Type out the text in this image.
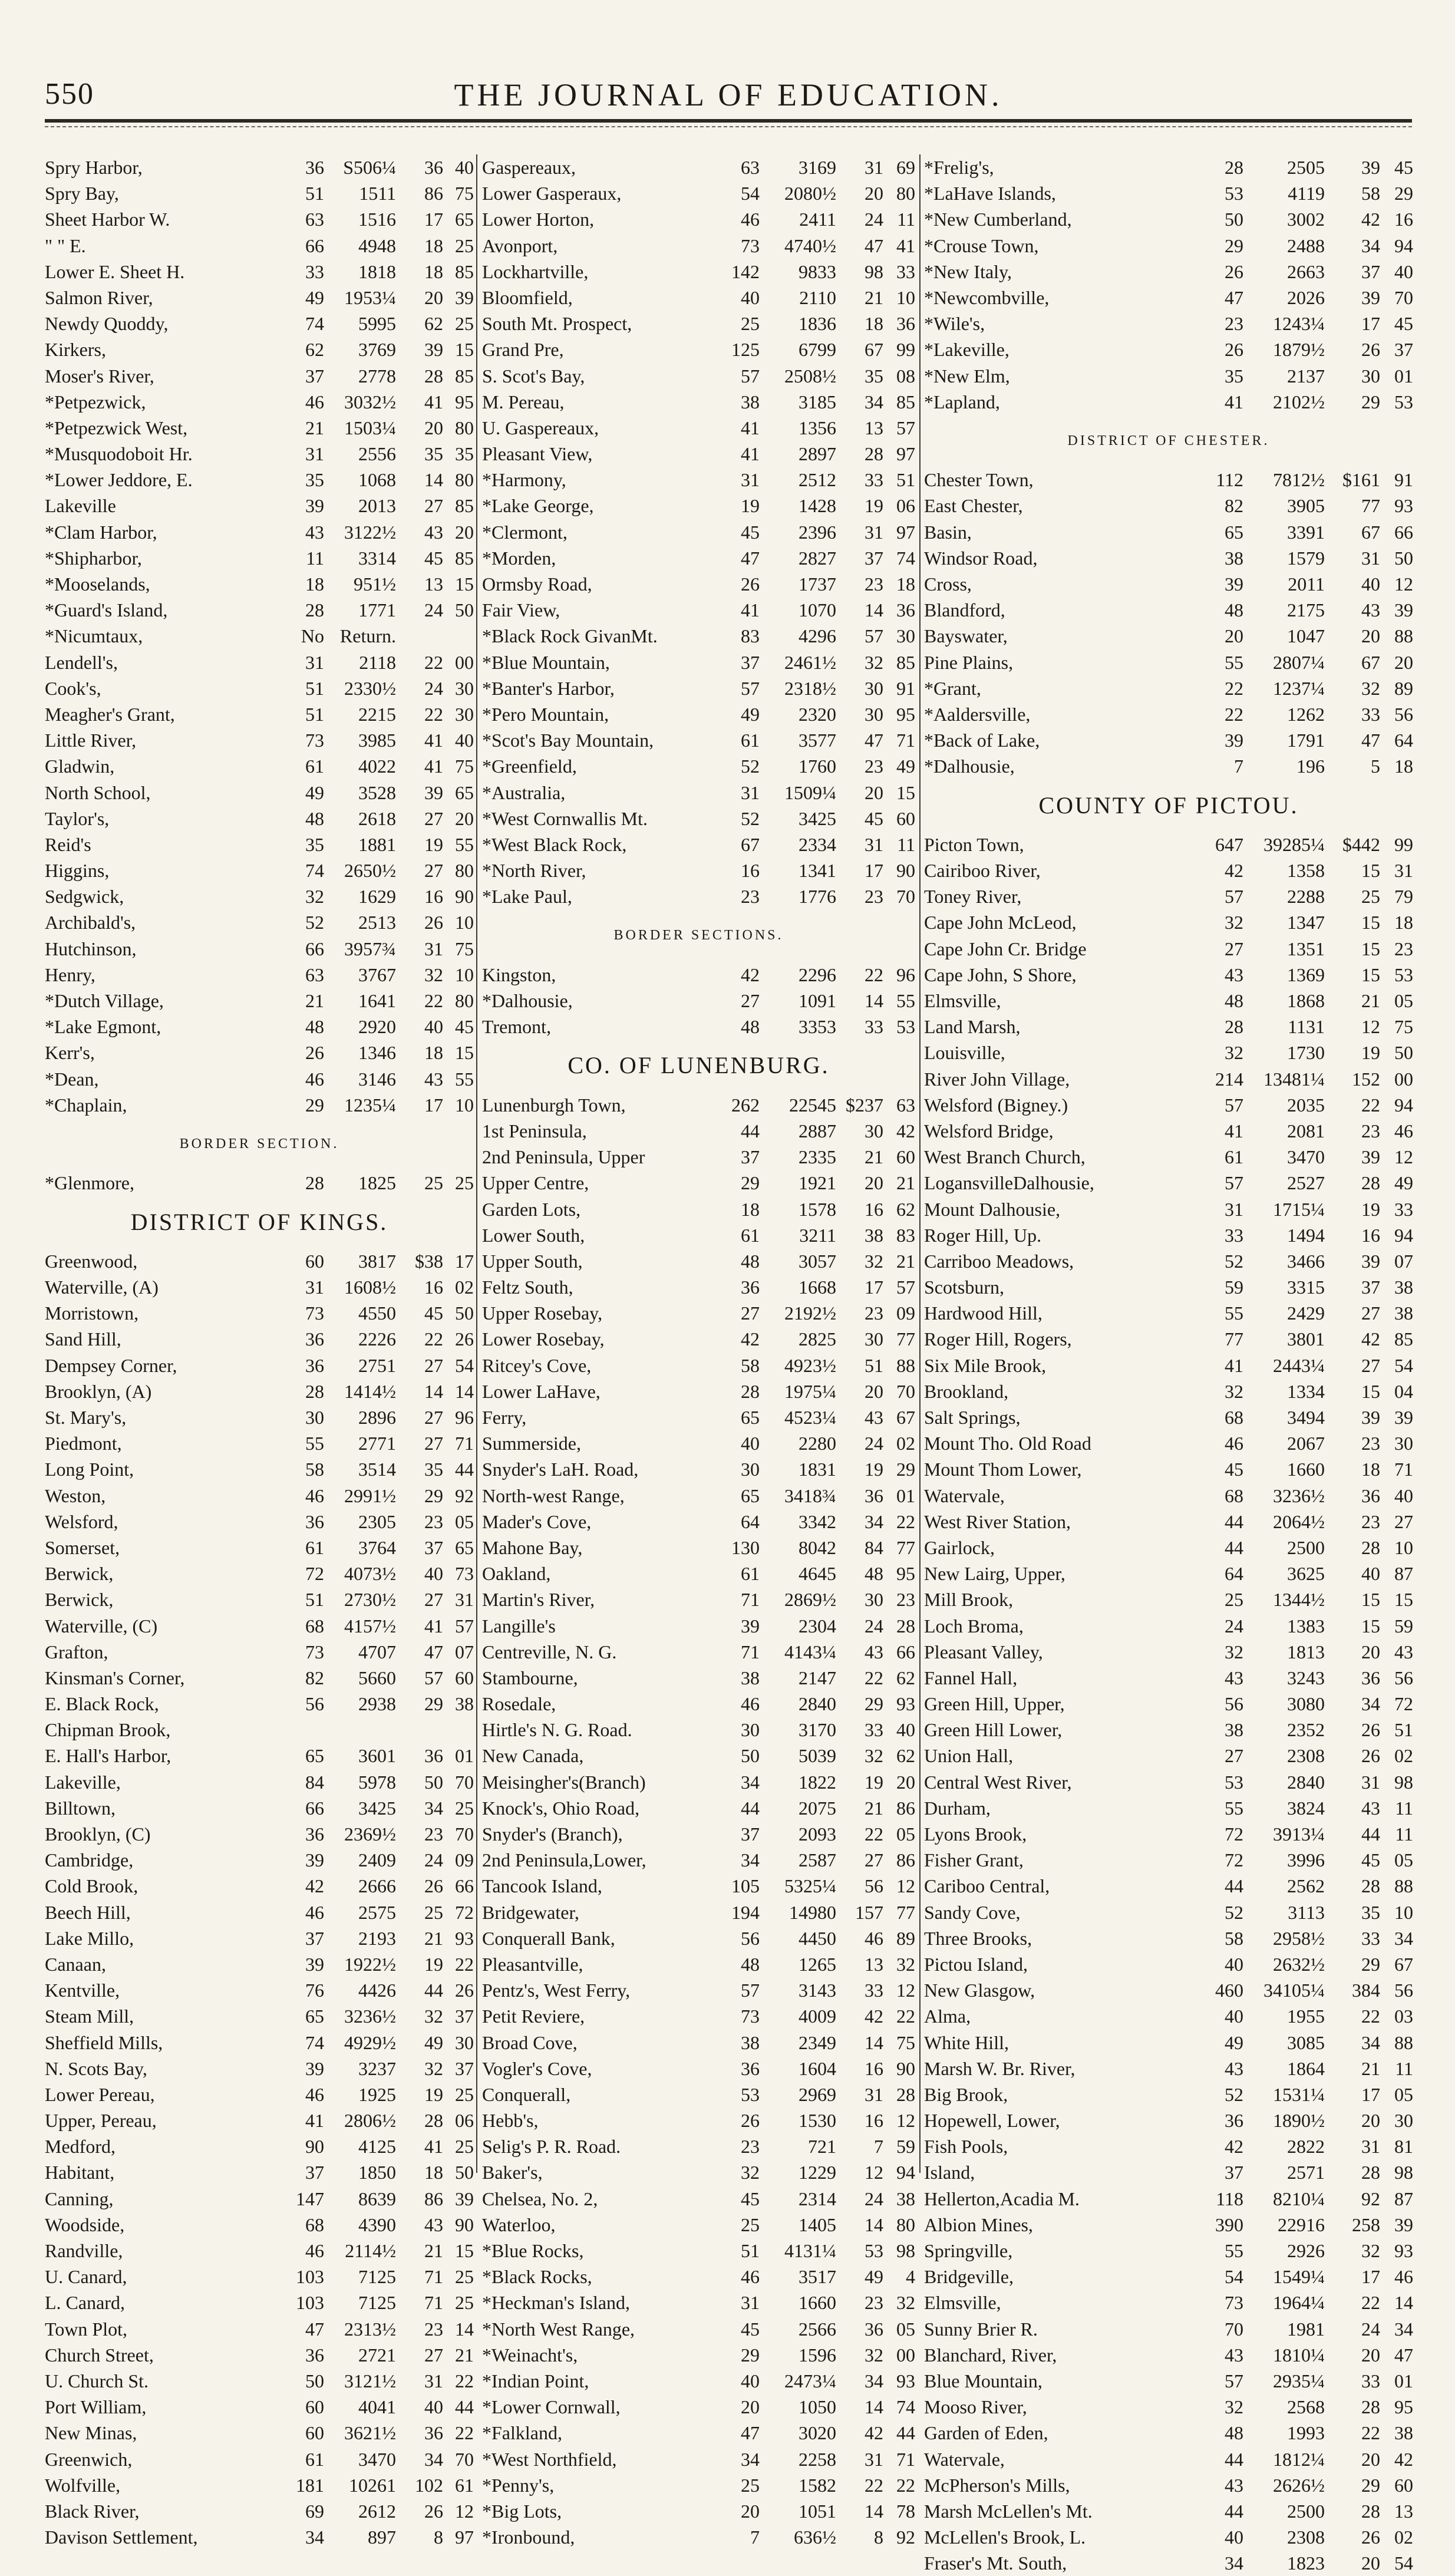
550	THE JOURNAL OF EDUCATION.
Spry Harbor,	36	S506¼	36 40
Spry Bay,	51	1511	86 75
Sheet Harbor W.	63	1516	17 65
" " E.	66	4948	18 25
Lower E. Sheet H.	33	1818	18 85
Salmon River,	49	1953¼	20 39
Newdy Quoddy,	74	5995	62 25
Kirkers,	62	3769	39 15
Moser's River,	37	2778	28 85
*Petpezwick,	46	3032½	41 95
*Petpezwick West,	21	1503¼	20 80
*Musquodoboit Hr.	31	2556	35 35
*Lower Jeddore, E.	35	1068	14 80
Lakeville	39	2013	27 85
*Clam Harbor,	43	3122½	43 20
*Shipharbor,	11	3314	45 85
*Mooselands,	18	951½	13 15
*Guard's Island,	28	1771	24 50
*Nicumtaux,	No Return.
Lendell's,	31	2118	22 00
Cook's,	51	2330½	24 30
Meagher's Grant,	51	2215	22 30
Little River,	73	3985	41 40
Gladwin,	61	4022	41 75
North School,	49	3528	39 65
Taylor's,	48	2618	27 20
Reid's	35	1881	19 55
Higgins,	74	2650½	27 80
Sedgwick,	32	1629	16 90
Archibald's,	52	2513	26 10
Hutchinson,	66	3957¾	31 75
Henry,	63	3767	32 10
*Dutch Village,	21	1641	22 80
*Lake Egmont,	48	2920	40 45
Kerr's,	26	1346	18 15
*Dean,	46	3146	43 55
*Chaplain,	29	1235¼	17 10
BORDER SECTION.
*Glenmore,	28	1825	25 25
DISTRICT OF KINGS.
Greenwood,	60	3817	$38 17
Waterville, (A)	31	1608½	16 02
Morristown,	73	4550	45 50
Sand Hill,	36	2226	22 26
Dempsey Corner,	36	2751	27 54
Brooklyn, (A)	28	1414½	14 14
St. Mary's,	30	2896	27 96
Piedmont,	55	2771	27 71
Long Point,	58	3514	35 44
Weston,	46	2991½	29 92
Welsford,	36	2305	23 05
Somerset,	61	3764	37 65
Berwick,	72	4073½	40 73
Berwick,	51	2730½	27 31
Waterville, (C)	68	4157½	41 57
Grafton,	73	4707	47 07
Kinsman's Corner,	82	5660	57 60
E. Black Rock,	56	2938	29 38
Chipman Brook,
E. Hall's Harbor,	65	3601	36 01
Lakeville,	84	5978	50 70
Billtown,	66	3425	34 25
Brooklyn, (C)	36	2369½	23 70
Cambridge,	39	2409	24 09
Cold Brook,	42	2666	26 66
Beech Hill,	46	2575	25 72
Lake Millo,	37	2193	21 93
Canaan,	39	1922½	19 22
Kentville,	76	4426	44 26
Steam Mill,	65	3236½	32 37
Sheffield Mills,	74	4929½	49 30
N. Scots Bay,	39	3237	32 37
Lower Pereau,	46	1925	19 25
Upper, Pereau,	41	2806½	28 06
Medford,	90	4125	41 25
Habitant,	37	1850	18 50
Canning,	147	8639	86 39
Woodside,	68	4390	43 90
Randville,	46	2114½	21 15
U. Canard,	103	7125	71 25
L. Canard,	103	7125	71 25
Town Plot,	47	2313½	23 14
Church Street,	36	2721	27 21
U. Church St.	50	3121½	31 22
Port William,	60	4041	40 44
New Minas,	60	3621½	36 22
Greenwich,	61	3470	34 70
Wolfville,	181	10261	102 61
Black River,	69	2612	26 12
Davison Settlement,	34	897	8 97
Gaspereaux,	63	3169	31 69
Lower Gasperaux,	54	2080½	20 80
Lower Horton,	46	2411	24 11
Avonport,	73	4740½	47 41
Lockhartville,	142	9833	98 33
Bloomfield,	40	2110	21 10
South Mt. Prospect,	25	1836	18 36
Grand Pre,	125	6799	67 99
S. Scot's Bay,	57	2508½	35 08
M. Pereau,	38	3185	34 85
U. Gaspereaux,	41	1356	13 57
Pleasant View,	41	2897	28 97
*Harmony,	31	2512	33 51
*Lake George,	19	1428	19 06
*Clermont,	45	2396	31 97
*Morden,	47	2827	37 74
Ormsby Road,	26	1737	23 18
Fair View,	41	1070	14 36
*Black Rock GivanMt.	83	4296	57 30
*Blue Mountain,	37	2461½	32 85
*Banter's Harbor,	57	2318½	30 91
*Pero Mountain,	49	2320	30 95
*Scot's Bay Mountain,	61	3577	47 71
*Greenfield,	52	1760	23 49
*Australia,	31	1509¼	20 15
*West Cornwallis Mt.	52	3425	45 60
*West Black Rock,	67	2334	31 11
*North River,	16	1341	17 90
*Lake Paul,	23	1776	23 70
BORDER SECTIONS.
Kingston,	42	2296	22 96
*Dalhousie,	27	1091	14 55
Tremont,	48	3353	33 53
CO. OF LUNENBURG.
Lunenburgh Town,	262	22545 $237 63
1st Peninsula,	44	2887	30 42
2nd Peninsula, Upper	37	2335	21 60
Upper Centre,	29	1921	20 21
Garden Lots,	18	1578	16 62
Lower South,	61	3211	38 83
Upper South,	48	3057	32 21
Feltz South,	36	1668	17 57
Upper Rosebay,	27	2192½	23 09
Lower Rosebay,	42	2825	30 77
Ritcey's Cove,	58	4923½	51 88
Lower LaHave,	28	1975¼	20 70
Ferry,	65	4523¼	43 67
Summerside,	40	2280	24 02
Snyder's LaH. Road,	30	1831	19 29
North-west Range,	65	3418¾	36 01
Mader's Cove,	64	3342	34 22
Mahone Bay,	130	8042	84 77
Oakland,	61	4645	48 95
Martin's River,	71	2869½	30 23
Langille's	39	2304	24 28
Centreville, N. G.	71	4143¼	43 66
Stambourne,	38	2147	22 62
Rosedale,	46	2840	29 93
Hirtle's N. G. Road.	30	3170	33 40
New Canada,	50	5039	32 62
Meisingher's(Branch)	34	1822	19 20
Knock's, Ohio Road,	44	2075	21 86
Snyder's (Branch),	37	2093	22 05
2nd Peninsula,Lower,	34	2587	27 86
Tancook Island,	105	5325¼	56 12
Bridgewater,	194	14980	157 77
Conquerall Bank,	56	4450	46 89
Pleasantville,	48	1265	13 32
Pentz's, West Ferry,	57	3143	33 12
Petit Reviere,	73	4009	42 22
Broad Cove,	38	2349	14 75
Vogler's Cove,	36	1604	16 90
Conquerall,	53	2969	31 28
Hebb's,	26	1530	16 12
Selig's P. R. Road.	23	721	7 59
Baker's,	32	1229	12 94
Chelsea, No. 2,	45	2314	24 38
Waterloo,	25	1405	14 80
*Blue Rocks,	51	4131¼	53 98
*Black Rocks,	46	3517	49	4
*Heckman's Island,	31	1660	23 32
*North West Range,	45	2566	36 05
*Weinacht's,	29	1596	32 00
*Indian Point,	40	2473¼	34 93
*Lower Cornwall,	20	1050	14 74
*Falkland,	47	3020	42 44
*West Northfield,	34	2258	31 71
*Penny's,	25	1582	22 22
*Big Lots,	20	1051	14 78
*Ironbound,	7	636½	8 92
*Frelig's,	28	2505	39 45
*LaHave Islands,	53	4119	58 29
*New Cumberland,	50	3002	42 16
*Crouse Town,	29	2488	34 94
*New Italy,	26	2663	37 40
*Newcombville,	47	2026	39 70
*Wile's,	23	1243¼	17 45
*Lakeville,	26	1879½	26 37
*New Elm,	35	2137	30 01
*Lapland,	41	2102½	29 53
DISTRICT OF CHESTER.
Chester Town,	112	7812½ $161 91
East Chester,	82	3905	77 93
Basin,	65	3391	67 66
Windsor Road,	38	1579	31 50
Cross,	39	2011	40 12
Blandford,	48	2175	43 39
Bayswater,	20	1047	20 88
Pine Plains,	55	2807¼	67 20
*Grant,	22	1237¼	32 89
*Aaldersville,	22	1262	33 56
*Back of Lake,	39	1791	47 64
*Dalhousie,	7	196	5 18
COUNTY OF PICTOU.
Picton Town,	647	39285¼ $442 99
Cairiboo River,	42	1358	15 31
Toney River,	57	2288	25 79
Cape John McLeod,	32	1347	15 18
Cape John Cr. Bridge	27	1351	15 23
Cape John, S Shore,	43	1369	15 53
Elmsville,	48	1868	21 05
Land Marsh,	28	1131	12 75
Louisville,	32	1730	19 50
River John Village,	214	13481¼	152 00
Welsford (Bigney.)	57	2035	22 94
Welsford Bridge,	41	2081	23 46
West Branch Church,	61	3470	39 12
LogansvilleDalhousie,	57	2527	28 49
Mount Dalhousie,	31	1715¼	19 33
Roger Hill, Up.	33	1494	16 94
Carriboo Meadows,	52	3466	39 07
Scotsburn,	59	3315	37 38
Hardwood Hill,	55	2429	27 38
Roger Hill, Rogers,	77	3801	42 85
Six Mile Brook,	41	2443¼	27 54
Brookland,	32	1334	15 04
Salt Springs,	68	3494	39 39
Mount Tho. Old Road	46	2067	23 30
Mount Thom Lower,	45	1660	18 71
Watervale,	68	3236½	36 40
West River Station,	44	2064½	23 27
Gairlock,	44	2500	28 10
New Lairg, Upper,	64	3625	40 87
Mill Brook,	25	1344½	15 15
Loch Broma,	24	1383	15 59
Pleasant Valley,	32	1813	20 43
Fannel Hall,	43	3243	36 56
Green Hill, Upper,	56	3080	34 72
Green Hill Lower,	38	2352	26 51
Union Hall,	27	2308	26 02
Central West River,	53	2840	31 98
Durham,	55	3824	43 11
Lyons Brook,	72	3913¼	44 11
Fisher Grant,	72	3996	45 05
Cariboo Central,	44	2562	28 88
Sandy Cove,	52	3113	35 10
Three Brooks,	58	2958½	33 34
Pictou Island,	40	2632½	29 67
New Glasgow,	460	34105¼	384 56
Alma,	40	1955	22 03
White Hill,	49	3085	34 88
Marsh W. Br. River,	43	1864	21 11
Big Brook,	52	1531¼	17 05
Hopewell, Lower,	36	1890½	20 30
Fish Pools,	42	2822	31 81
Island,	37	2571	28 98
Hellerton,Acadia M.	118	8210¼	92 87
Albion Mines,	390	22916	258 39
Springville,	55	2926	32 93
Bridgeville,	54	1549¼	17 46
Elmsville,	73	1964¼	22 14
Sunny Brier R.	70	1981	24 34
Blanchard, River,	43	1810¼	20 47
Blue Mountain,	57	2935¼	33 01
Mooso River,	32	2568	28 95
Garden of Eden,	48	1993	22 38
Watervale,	44	1812¼	20 42
McPherson's Mills,	43	2626½	29 60
Marsh McLellen's Mt.	44	2500	28 13
McLellen's Brook, L.	40	2308	26 02
Fraser's Mt. South,	34	1823	20 54
